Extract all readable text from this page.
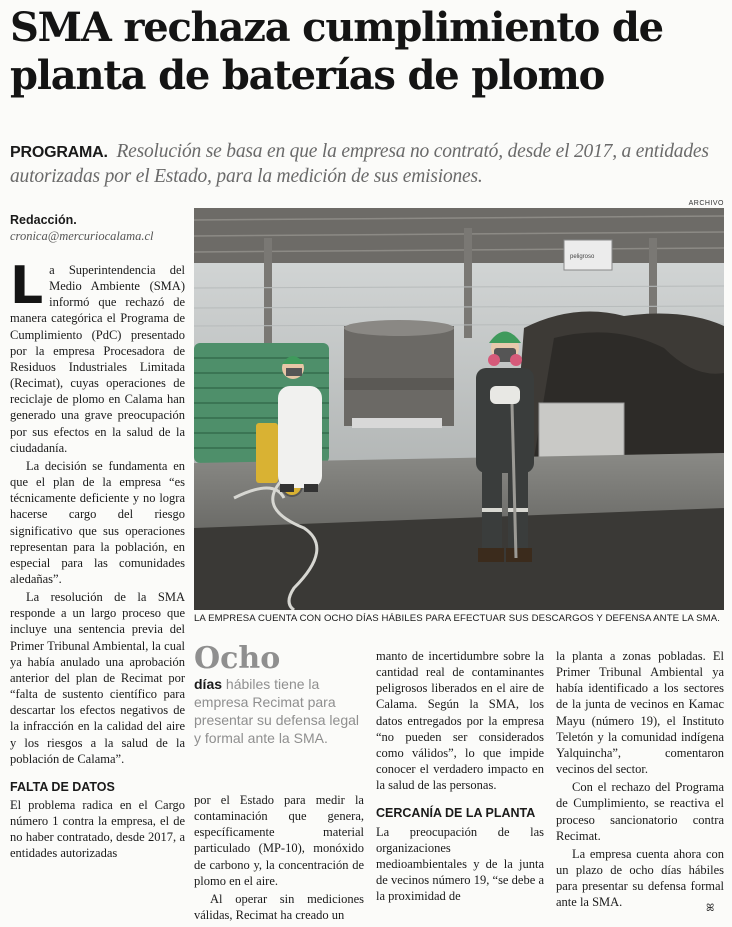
SMA rechaza cumplimiento de planta de baterías de plomo
PROGRAMA. Resolución se basa en que la empresa no contrató, desde el 2017, a entidades autorizadas por el Estado, para la medición de sus emisiones.
Redacción.
cronica@mercuriocalama.cl

La Superintendencia del Medio Ambiente (SMA) informó que rechazó de manera categórica el Programa de Cumplimiento (PdC) presentado por la empresa Procesadora de Residuos Industriales Limitada (Recimat), cuyas operaciones de reciclaje de plomo en Calama han generado una grave preocupación por sus efectos en la salud de la ciudadanía.

La decisión se fundamenta en que el plan de la empresa “es técnicamente deficiente y no logra hacerse cargo del riesgo significativo que sus operaciones representan para la población, en especial para las comunidades aledañas”.

La resolución de la SMA responde a un largo proceso que incluye una sentencia previa del Primer Tribunal Ambiental, la cual ya había anulado una aprobación anterior del plan de Recimat por “falta de sustento científico para descartar los efectos negativos de la infracción en la calidad del aire y los riesgos a la salud de la población de Calama”.

FALTA DE DATOS

El problema radica en el Cargo número 1 contra la empresa, el de no haber contratado, desde 2017, a entidades autorizadas

ARCHIVO
peligroso
LA EMPRESA CUENTA CON OCHO DÍAS HÁBILES PARA EFECTUAR SUS DESCARGOS Y DEFENSA ANTE LA SMA.
Ocho
días hábiles tiene la empresa Recimat para presentar su defensa legal y formal ante la SMA.

por el Estado para medir la contaminación que genera, específicamente material particulado (MP-10), monóxido de carbono y, la concentración de plomo en el aire.

Al operar sin mediciones válidas, Recimat ha creado un

manto de incertidumbre sobre la cantidad real de contaminantes peligrosos liberados en el aire de Calama. Según la SMA, los datos entregados por la empresa “no pueden ser considerados como válidos”, lo que impide conocer el verdadero impacto en la salud de las personas.

CERCANÍA DE LA PLANTA

La preocupación de las organizaciones medioambientales y de la junta de vecinos número 19, “se debe a la proximidad de

la planta a zonas pobladas. El Primer Tribunal Ambiental ya había identificado a los sectores de la junta de vecinos en Kamac Mayu (número 19), el Instituto Teletón y la comunidad indígena Yalquincha”, comentaron vecinos del sector.

Con el rechazo del Programa de Cumplimiento, se reactiva el proceso sancionatorio contra Recimat.

La empresa cuenta ahora con un plazo de ocho días hábiles para presentar su defensa formal ante la SMA.	ꕤ
